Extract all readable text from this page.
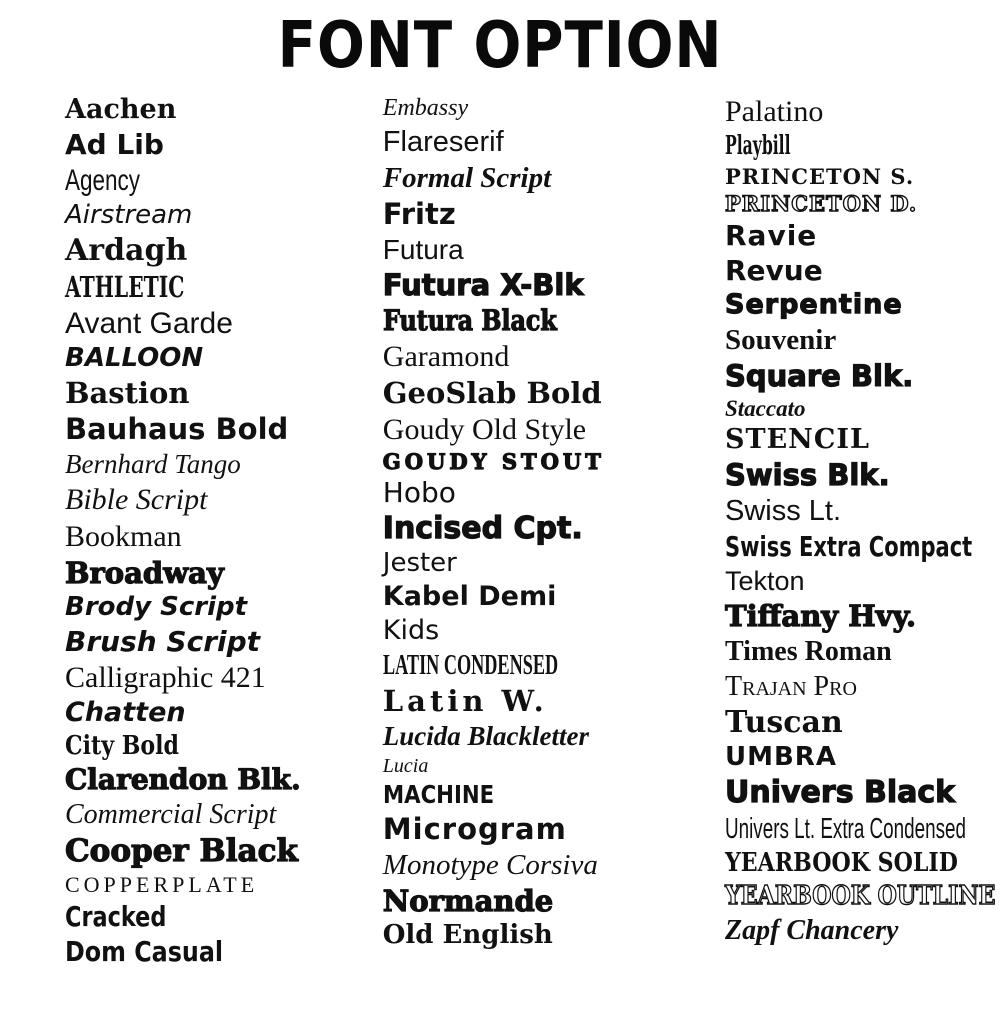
FONT OPTION
Aachen
Ad Lib
Agency
Airstream
Ardagh
ATHLETIC
Avant Garde
BALLOON
Bastion
Bauhaus Bold
Bernhard Tango
Bible Script
Bookman
Broadway
Brody Script
Brush Script
Calligraphic 421
Chatten
City Bold
Clarendon Blk.
Commercial Script
Cooper Black
COPPERPLATE
Cracked
Dom Casual
Embassy
Flareserif
Formal Script
Fritz
Futura
Futura X-Blk
Futura Black
Garamond
GeoSlab Bold
Goudy Old Style
GOUDY STOUT
Hobo
Incised Cpt.
Jester
Kabel Demi
Kids
LATIN CONDENSED
Latin W.
Lucida Blackletter
Lucia
MACHINE
Microgram
Monotype Corsiva
Normande
Old English
Palatino
Playbill
PRINCETON S.
PRINCETON D.
Ravie
Revue
Serpentine
Souvenir
Square Blk.
Staccato
STENCIL
Swiss Blk.
Swiss Lt.
Swiss Extra Compact
Tekton
Tiffany Hvy.
Times Roman
Trajan Pro
Tuscan
UMBRA
Univers Black
Univers Lt. Extra Condensed
YEARBOOK SOLID
YEARBOOK OUTLINE
Zapf Chancery
